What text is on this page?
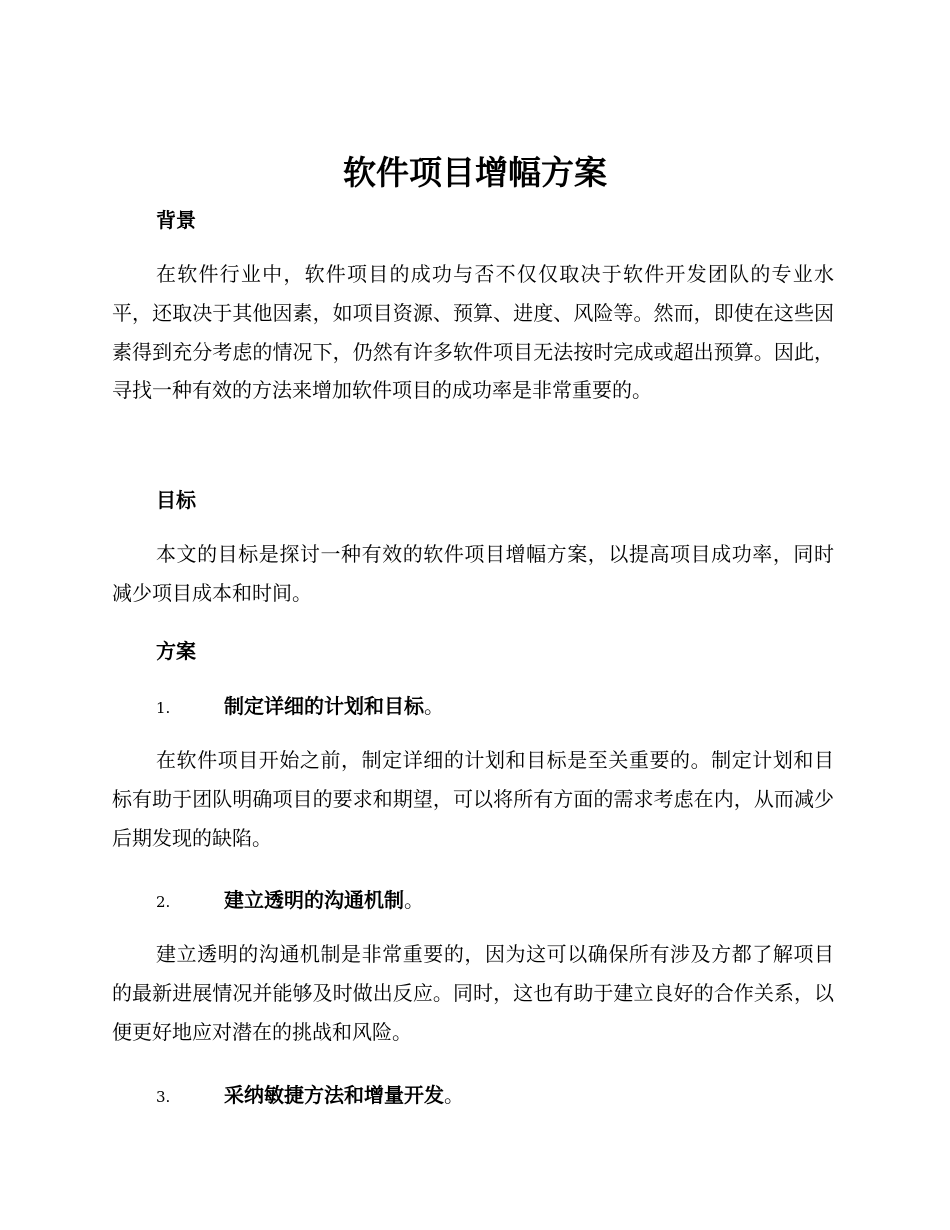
软件项目增幅方案
背景

在软件行业中，软件项目的成功与否不仅仅取决于软件开发团队的专业水平，还取决于其他因素，如项目资源、预算、进度、风险等。然而，即使在这些因素得到充分考虑的情况下，仍然有许多软件项目无法按时完成或超出预算。因此，寻找一种有效的方法来增加软件项目的成功率是非常重要的。

目标

本文的目标是探讨一种有效的软件项目增幅方案，以提高项目成功率，同时减少项目成本和时间。

方案
1.	制定详细的计划和目标。

在软件项目开始之前，制定详细的计划和目标是至关重要的。制定计划和目标有助于团队明确项目的要求和期望，可以将所有方面的需求考虑在内，从而减少后期发现的缺陷。

2.	建立透明的沟通机制。

建立透明的沟通机制是非常重要的，因为这可以确保所有涉及方都了解项目的最新进展情况并能够及时做出反应。同时，这也有助于建立良好的合作关系，以便更好地应对潜在的挑战和风险。

3.	采纳敏捷方法和增量开发。
